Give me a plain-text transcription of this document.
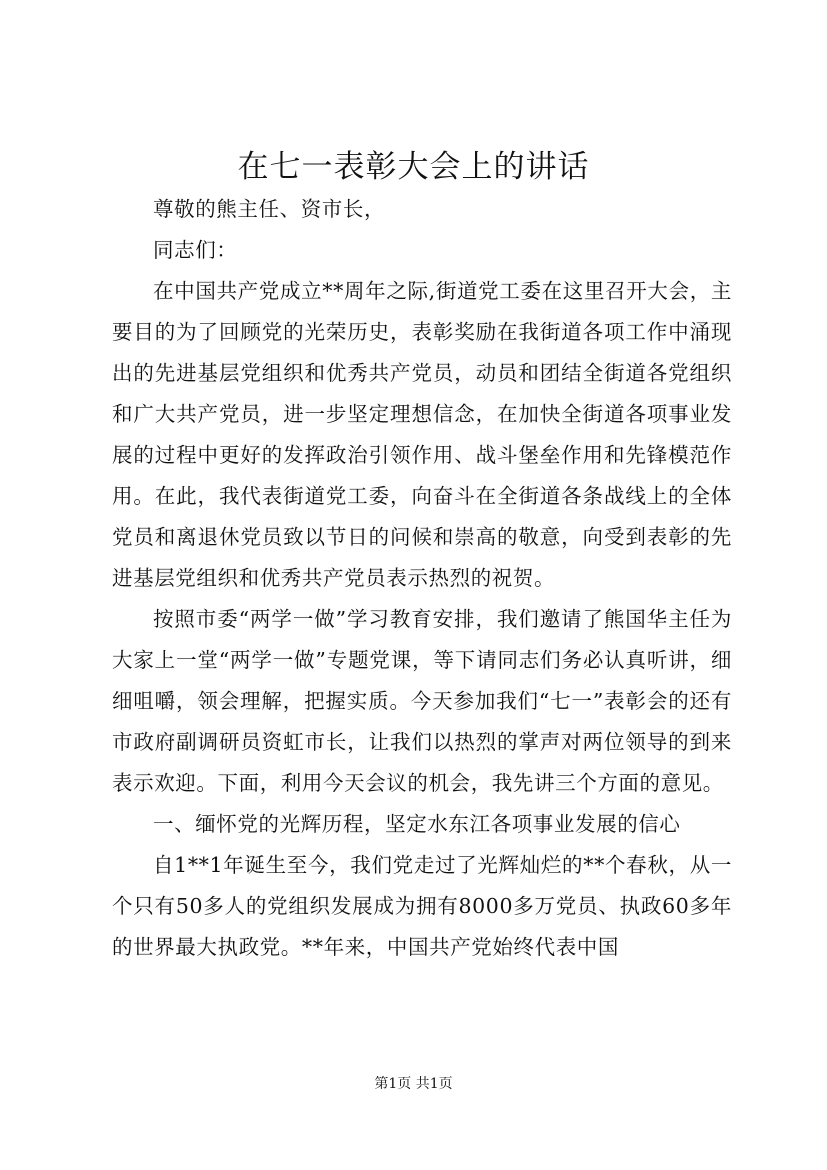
在七一表彰大会上的讲话

尊敬的熊主任、资市长，

同志们：

在中国共产党成立**周年之际,街道党工委在这里召开大会，主要目的为了回顾党的光荣历史，表彰奖励在我街道各项工作中涌现出的先进基层党组织和优秀共产党员，动员和团结全街道各党组织和广大共产党员，进一步坚定理想信念，在加快全街道各项事业发展的过程中更好的发挥政治引领作用、战斗堡垒作用和先锋模范作用。在此，我代表街道党工委，向奋斗在全街道各条战线上的全体党员和离退休党员致以节日的问候和崇高的敬意，向受到表彰的先进基层党组织和优秀共产党员表示热烈的祝贺。

按照市委“两学一做”学习教育安排，我们邀请了熊国华主任为大家上一堂“两学一做”专题党课，等下请同志们务必认真听讲，细细咀嚼，领会理解，把握实质。今天参加我们“七一”表彰会的还有市政府副调研员资虹市长，让我们以热烈的掌声对两位领导的到来表示欢迎。下面，利用今天会议的机会，我先讲三个方面的意见。

一、缅怀党的光辉历程，坚定水东江各项事业发展的信心

自1**1年诞生至今，我们党走过了光辉灿烂的**个春秋，从一个只有50多人的党组织发展成为拥有8000多万党员、执政60多年的世界最大执政党。**年来，中国共产党始终代表中国

第1页 共1页
